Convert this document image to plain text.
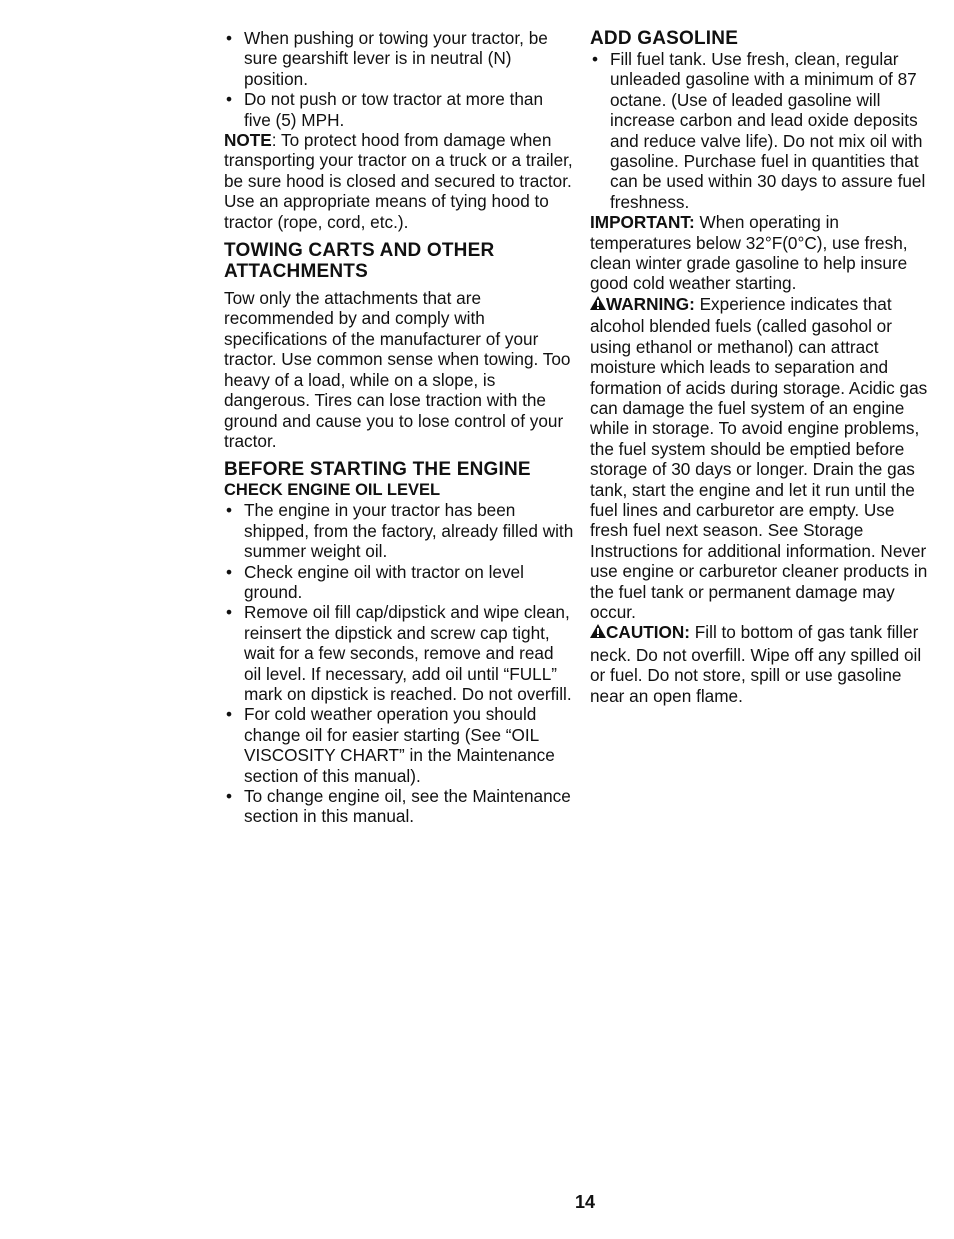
• When pushing or towing your tractor, be sure gearshift lever is in neutral (N) position.
• Do not push or tow tractor at more than five (5) MPH.

NOTE: To protect hood from damage when transporting your tractor on a truck or a trailer, be sure hood is closed and secured to tractor. Use an appropriate means of tying hood to tractor (rope, cord, etc.).

TOWING CARTS AND OTHER ATTACHMENTS

Tow only the attachments that are recommended by and comply with specifications of the manufacturer of your tractor. Use common sense when towing. Too heavy of a load, while on a slope, is dangerous. Tires can lose traction with the ground and cause you to lose control of your tractor.

BEFORE STARTING THE ENGINE
CHECK ENGINE OIL LEVEL
• The engine in your tractor has been shipped, from the factory, already filled with summer weight oil.
• Check engine oil with tractor on level ground.
• Remove oil fill cap/dipstick and wipe clean, reinsert the dipstick and screw cap tight, wait for a few seconds, remove and read oil level. If necessary, add oil until “FULL” mark on dipstick is reached. Do not overfill.
• For cold weather operation you should change oil for easier starting (See “OIL VISCOSITY CHART” in the Maintenance section of this manual).
• To change engine oil, see the Maintenance section in this manual.
ADD GASOLINE
• Fill fuel tank. Use fresh, clean, regular unleaded gasoline with a minimum of 87 octane. (Use of leaded gasoline will increase carbon and lead oxide deposits and reduce valve life). Do not mix oil with gasoline. Purchase fuel in quantities that can be used within 30 days to assure fuel freshness.

IMPORTANT: When operating in temperatures below 32°F(0°C), use fresh, clean winter grade gasoline to help insure good cold weather starting.

WARNING: Experience indicates that alcohol blended fuels (called gasohol or using ethanol or methanol) can attract moisture which leads to separation and formation of acids during storage. Acidic gas can damage the fuel system of an engine while in storage. To avoid engine problems, the fuel system should be emptied before storage of 30 days or longer. Drain the gas tank, start the engine and let it run until the fuel lines and carburetor are empty. Use fresh fuel next season. See Storage Instructions for additional information. Never use engine or carburetor cleaner products in the fuel tank or permanent damage may occur.

CAUTION: Fill to bottom of gas tank filler neck. Do not overfill. Wipe off any spilled oil or fuel. Do not store, spill or use gasoline near an open flame.

14
